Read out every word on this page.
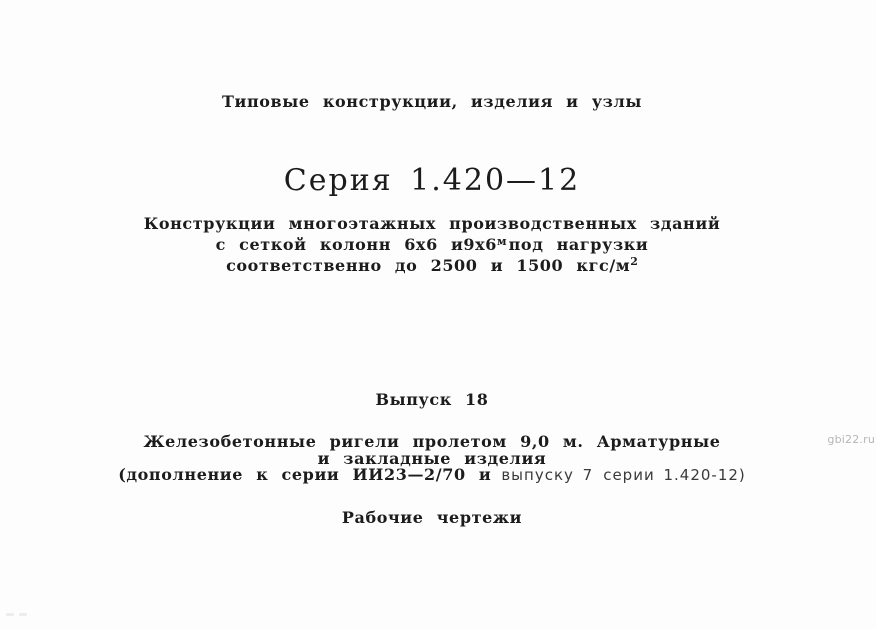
Типовые конструкции, изделия и узлы
Серия 1.420—12
Конструкции многоэтажных производственных зданий
с сеткой колонн 6х6 $и9х6^м$ под нагрузки
соответственно до 2500 и 1500 кгс/$м^2$
Выпуск 18
Железобетонные ригели пролетом 9,0 м. Арматурные
и закладные изделия
(дополнение к серии ИИ23—2/70 и выпуску 7 серии 1.420-12)
Рабочие чертежи
gbi22.ru
